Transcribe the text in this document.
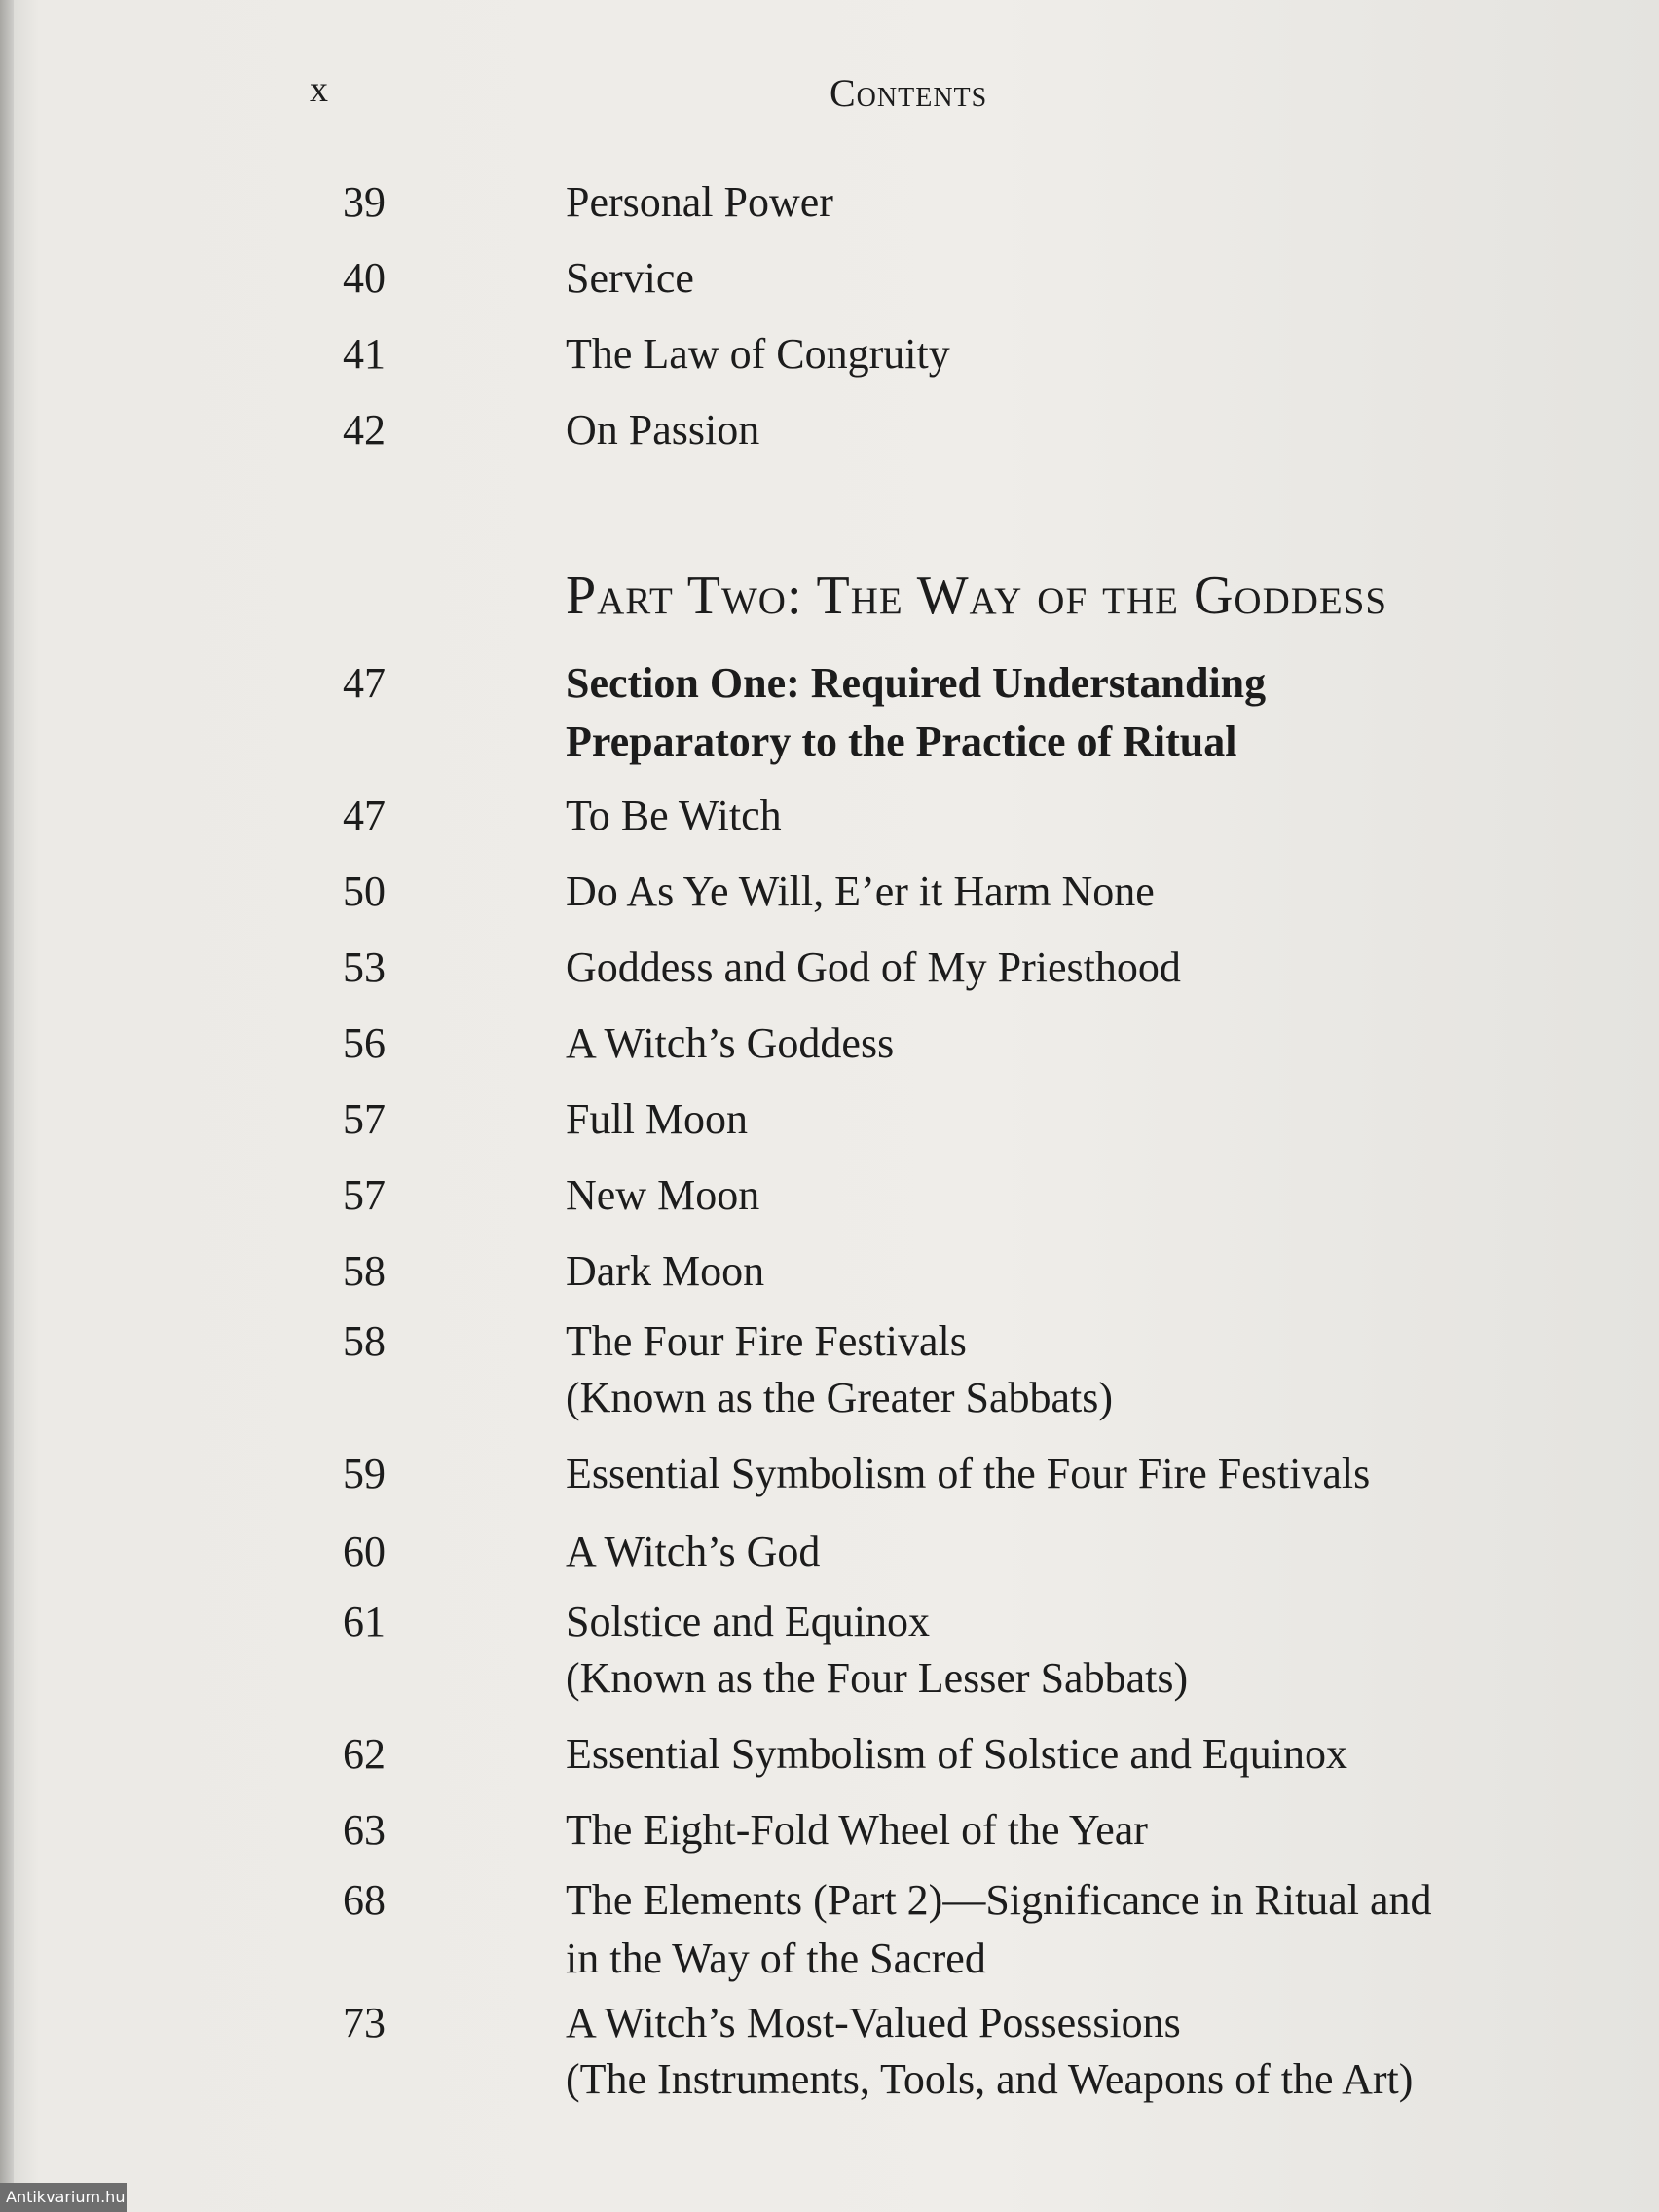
x	Contents
39	Personal Power
40	Service
41	The Law of Congruity
42	On Passion
Part Two: The Way of the Goddess
47	Section One: Required Understanding
Preparatory to the Practice of Ritual
47	To Be Witch
50	Do As Ye Will, E’er it Harm None
53	Goddess and God of My Priesthood
56	A Witch’s Goddess
57	Full Moon
57	New Moon
58	Dark Moon
58	The Four Fire Festivals
(Known as the Greater Sabbats)
59	Essential Symbolism of the Four Fire Festivals
60	A Witch’s God
61	Solstice and Equinox
(Known as the Four Lesser Sabbats)
62	Essential Symbolism of Solstice and Equinox
63	The Eight-Fold Wheel of the Year
68	The Elements (Part 2)—Significance in Ritual and
in the Way of the Sacred
73	A Witch’s Most-Valued Possessions
(The Instruments, Tools, and Weapons of the Art)
Antikvarium.hu
